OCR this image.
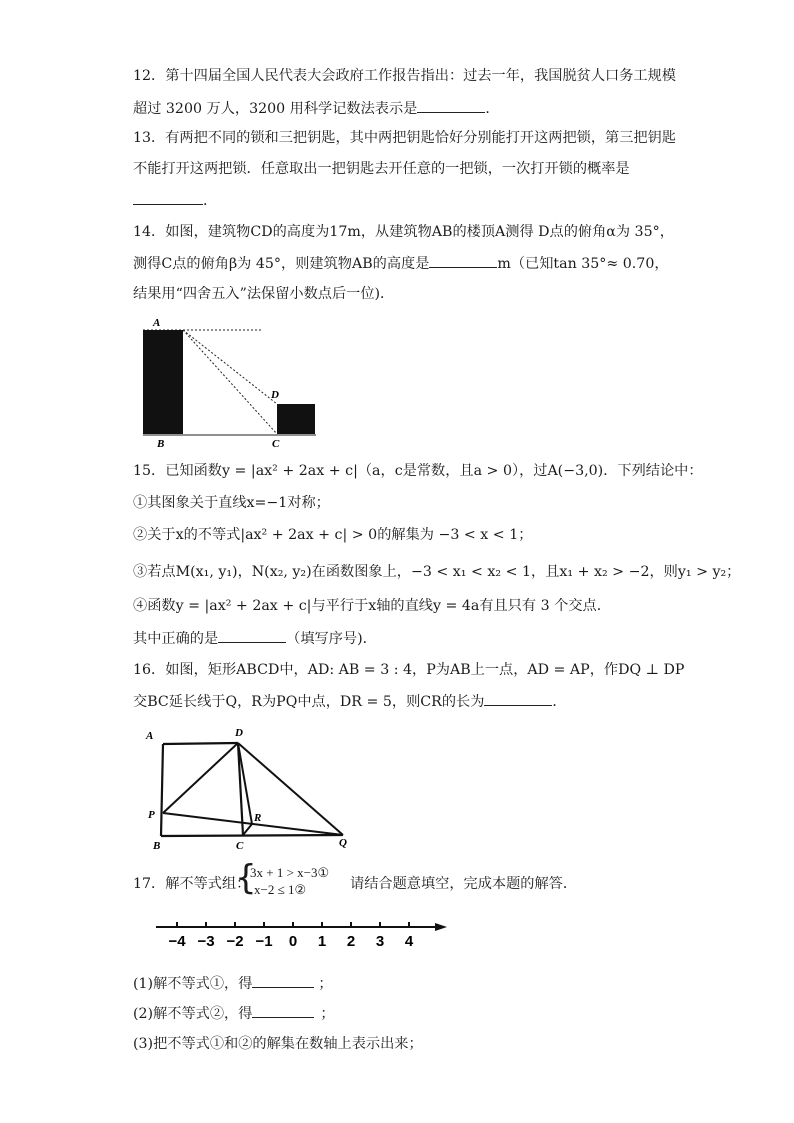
12．第十四届全国人民代表大会政府工作报告指出：过去一年，我国脱贫人口务工规模
超过 3200 万人，3200 用科学记数法表示是	．
13．有两把不同的锁和三把钥匙，其中两把钥匙恰好分别能打开这两把锁，第三把钥匙
不能打开这两把锁．任意取出一把钥匙去开任意的一把锁，一次打开锁的概率是
．
14．如图，建筑物CD的高度为17m，从建筑物AB的楼顶A测得 D点的俯角α为 35°，
测得C点的俯角β为 45°，则建筑物AB的高度是	m（已知tan 35°≈ 0.70，
结果用“四舍五入”法保留小数点后一位)．
A
B	C
D
15．已知函数y = |ax² + 2ax + c|（a，c是常数，且a > 0），过A(−3,0)．下列结论中：
①其图象关于直线x=−1对称；
②关于x的不等式|ax² + 2ax + c| > 0的解集为 −3 < x < 1；
③若点M(x₁, y₁)，N(x₂, y₂)在函数图象上，−3 < x₁ < x₂ < 1，且x₁ + x₂ > −2，则y₁ > y₂；
④函数y = |ax² + 2ax + c|与平行于x轴的直线y = 4a有且只有 3 个交点．
其中正确的是	（填写序号)．
16．如图，矩形ABCD中，AD: AB = 3 : 4，P为AB上一点，AD = AP，作DQ ⊥ DP
交BC延长线于Q，R为PQ中点，DR = 5，则CR的长为	．
A	D
P
B	C
R
Q
17．解不等式组：
{
3x + 1 > x−3①
x−2 ≤ 1②	请结合题意填空，完成本题的解答．
−4 −3 −2 −1 0 1 2 3 4
(1)解不等式①，得	；
(2)解不等式②，得	；
(3)把不等式①和②的解集在数轴上表示出来；
